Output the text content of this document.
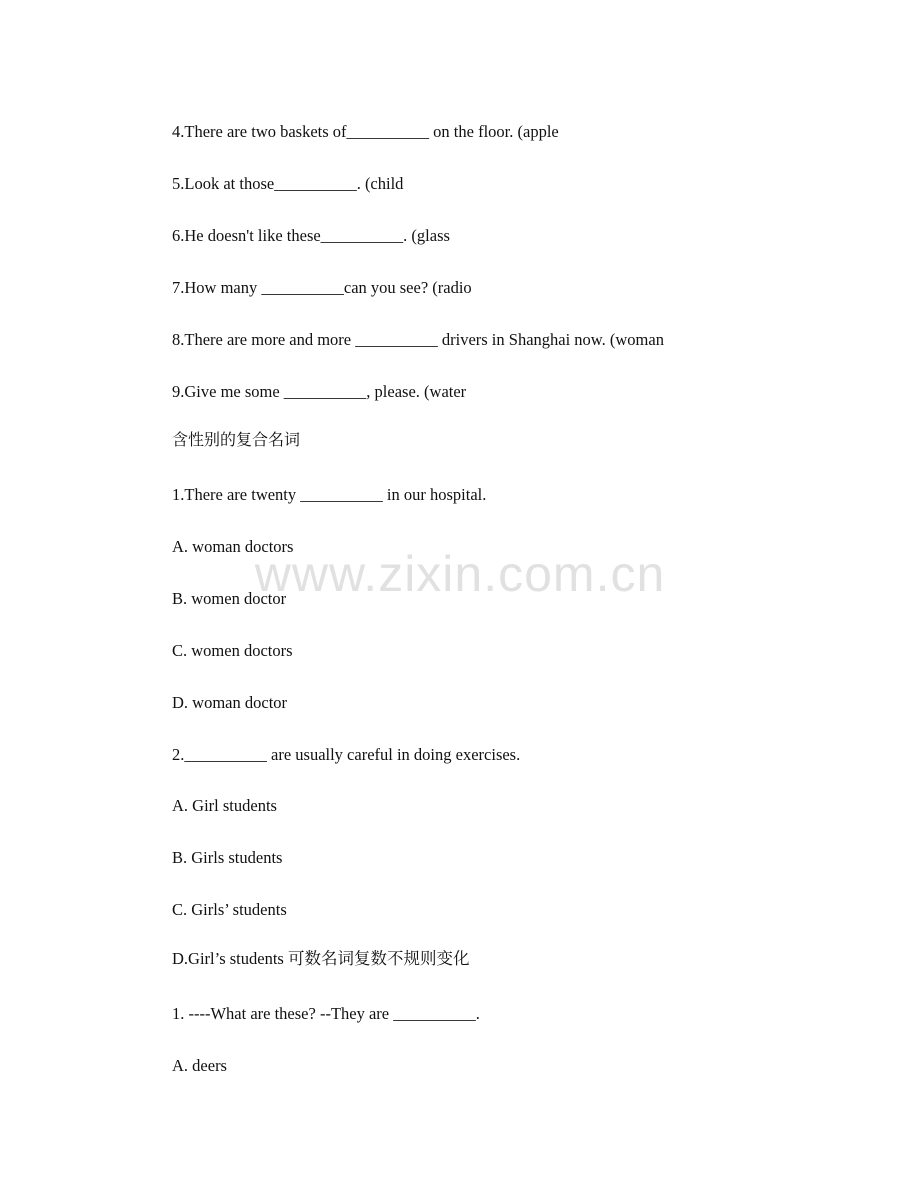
4.There are two baskets of__________ on the floor. (apple
5.Look at those__________. (child
6.He doesn't like these__________. (glass
7.How many __________can you see? (radio
8.There are more and more __________ drivers in Shanghai now. (woman
9.Give me some __________, please. (water
含性别的复合名词
1.There are twenty __________ in our hospital.
A. woman doctors
B. women doctor
C. women doctors
D. woman doctor
2.__________ are usually careful in doing exercises.
A. Girl students
B. Girls students
C. Girls’ students
D.Girl’s students 可数名词复数不规则变化
1. ----What are these? --They are __________.
A. deers
www.zixin.com.cn
